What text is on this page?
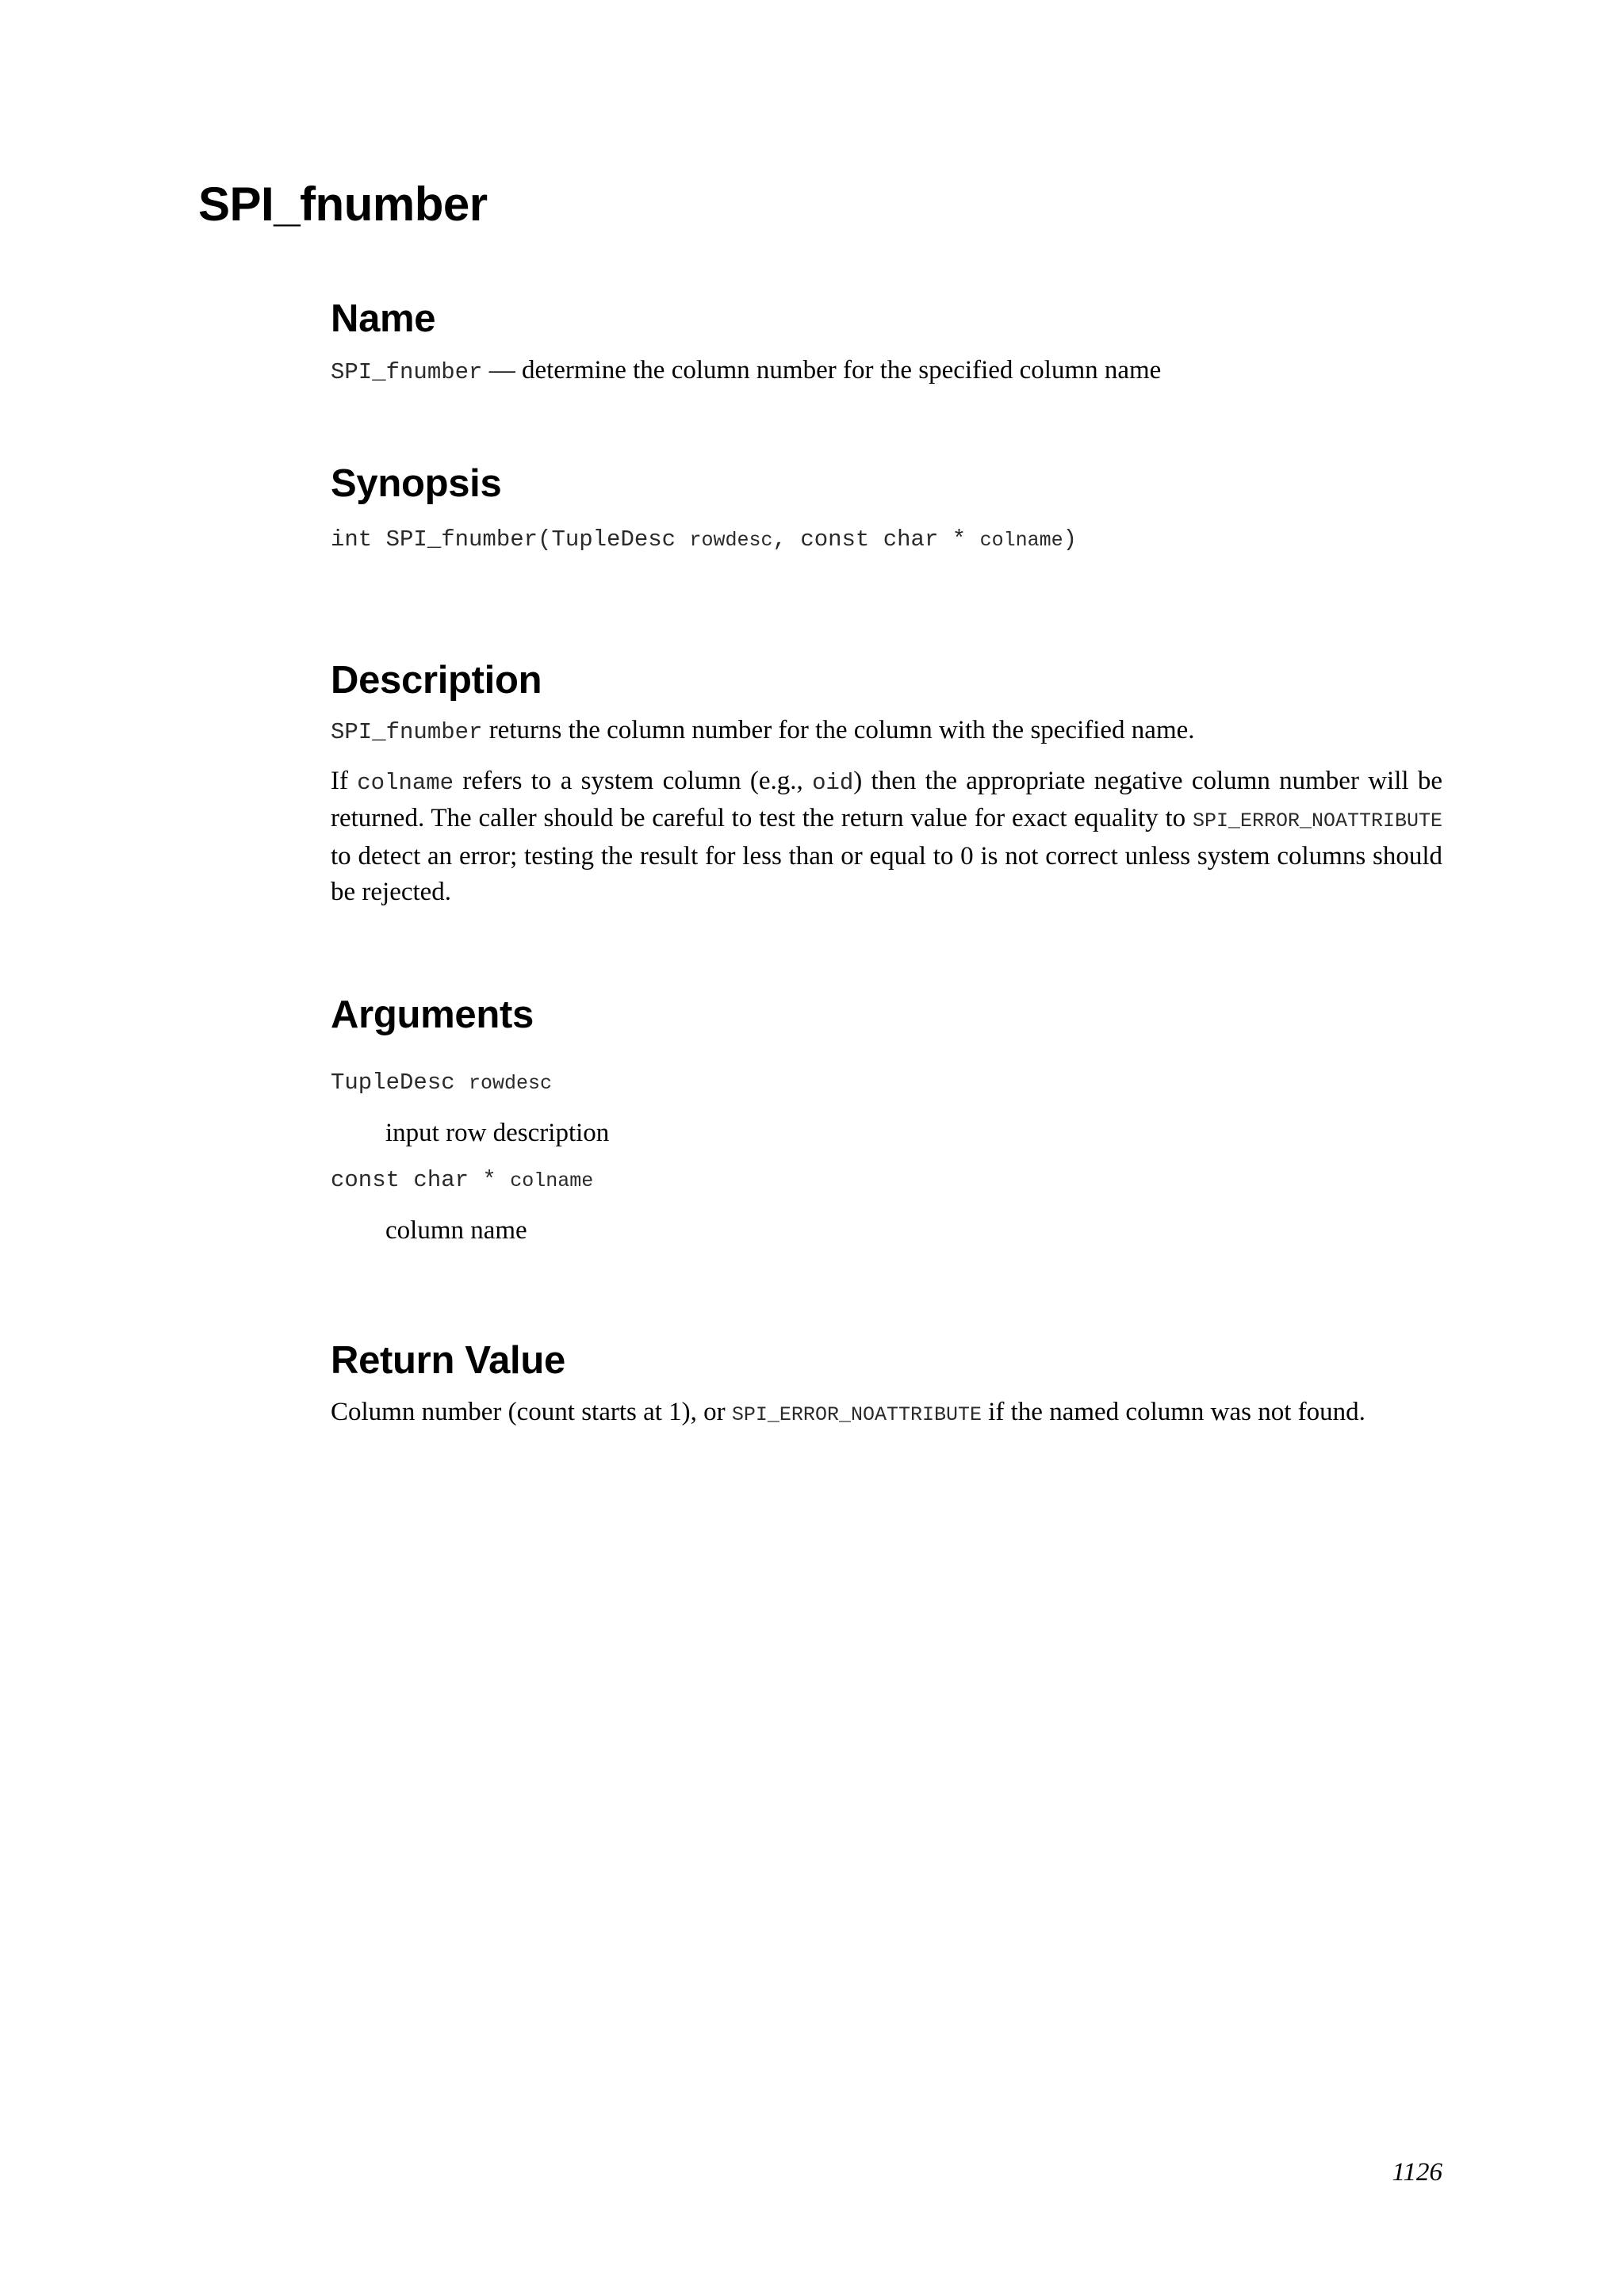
SPI_fnumber
Name

SPI_fnumber — determine the column number for the specified column name

Synopsis

int SPI_fnumber(TupleDesc rowdesc, const char * colname)

Description

SPI_fnumber returns the column number for the column with the specified name.

If colname refers to a system column (e.g., oid) then the appropriate negative column number will be returned. The caller should be careful to test the return value for exact equality to SPI_ERROR_NOATTRIBUTE to detect an error; testing the result for less than or equal to 0 is not correct unless system columns should be rejected.

Arguments

TupleDesc rowdesc

input row description

const char * colname

column name

Return Value

Column number (count starts at 1), or SPI_ERROR_NOATTRIBUTE if the named column was not found.

1126
